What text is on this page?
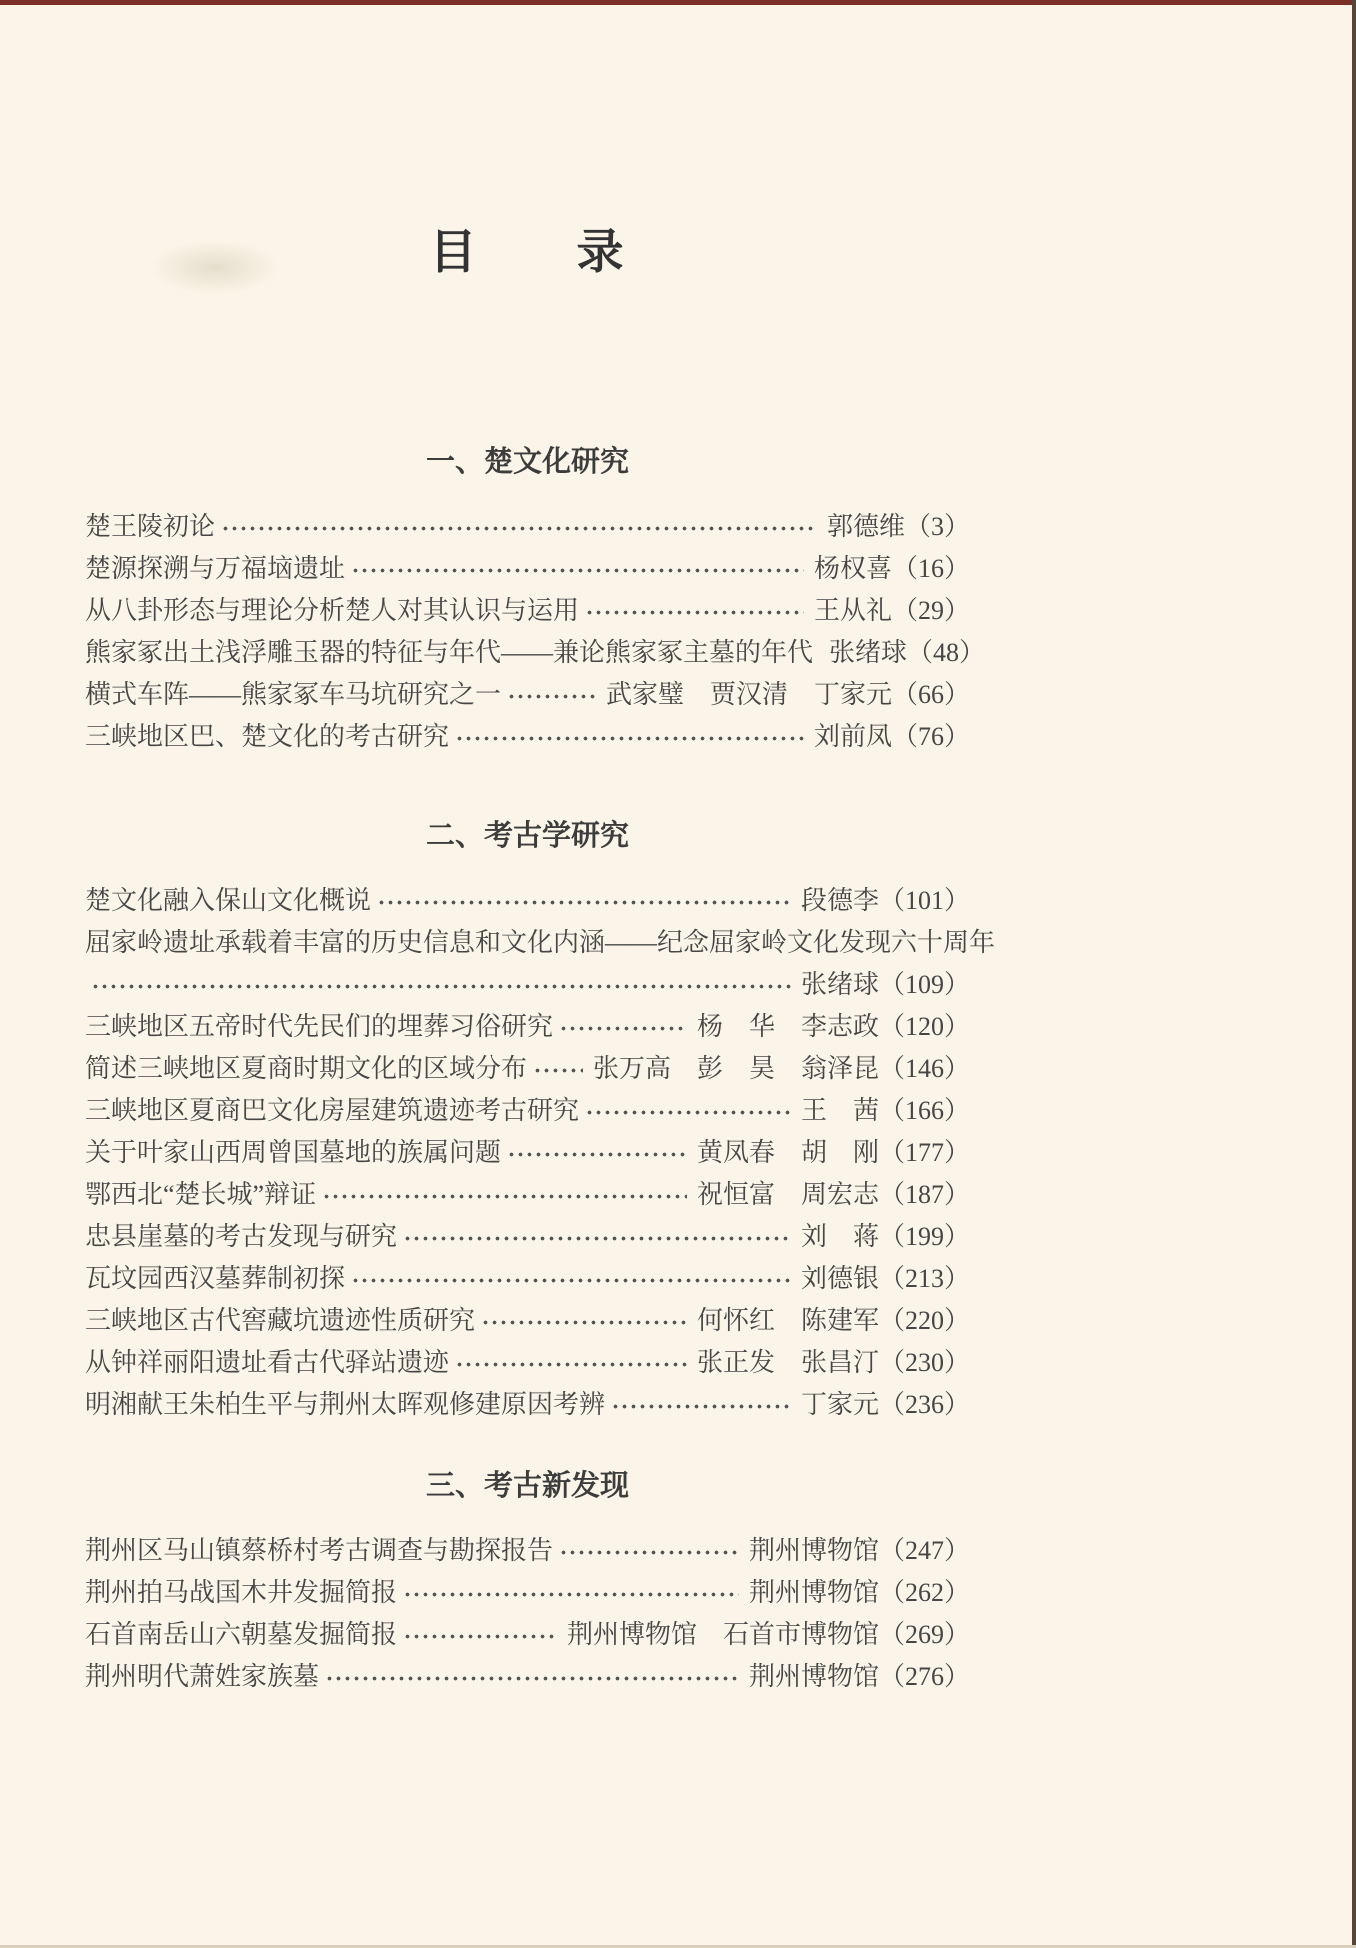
目　　录
一、楚文化研究
楚王陵初论	郭德维	（ 3 ）
楚源探溯与万福垴遗址	杨权喜	（ 16 ）
从八卦形态与理论分析楚人对其认识与运用	王从礼	（ 29 ）
熊家冢出土浅浮雕玉器的特征与年代——兼论熊家冢主墓的年代 张绪球	（ 48 ）
横式车阵——熊家冢车马坑研究之一	武家璧　贾汉清　丁家元	（ 66 ）
三峡地区巴、楚文化的考古研究	刘前凤	（ 76 ）
二、考古学研究
楚文化融入保山文化概说	段德李	（ 101 ）
屈家岭遗址承载着丰富的历史信息和文化内涵——纪念屈家岭文化发现六十周年
张绪球	（ 109 ）
三峡地区五帝时代先民们的埋葬习俗研究	杨　华　李志政	（ 120 ）
简述三峡地区夏商时期文化的区域分布	张万高　彭　昊　翁泽昆	（ 146 ）
三峡地区夏商巴文化房屋建筑遗迹考古研究	王　茜	（ 166 ）
关于叶家山西周曾国墓地的族属问题	黄凤春　胡　刚	（ 177 ）
鄂西北“楚长城”辩证	祝恒富　周宏志	（ 187 ）
忠县崖墓的考古发现与研究	刘　蒋	（ 199 ）
瓦坟园西汉墓葬制初探	刘德银	（ 213 ）
三峡地区古代窖藏坑遗迹性质研究	何怀红　陈建军	（ 220 ）
从钟祥丽阳遗址看古代驿站遗迹	张正发　张昌汀	（ 230 ）
明湘献王朱柏生平与荆州太晖观修建原因考辨	丁家元	（ 236 ）
三、考古新发现
荆州区马山镇蔡桥村考古调查与勘探报告	荆州博物馆	（ 247 ）
荆州拍马战国木井发掘简报	荆州博物馆	（ 262 ）
石首南岳山六朝墓发掘简报	荆州博物馆　石首市博物馆	（ 269 ）
荆州明代萧姓家族墓	荆州博物馆	（ 276 ）
